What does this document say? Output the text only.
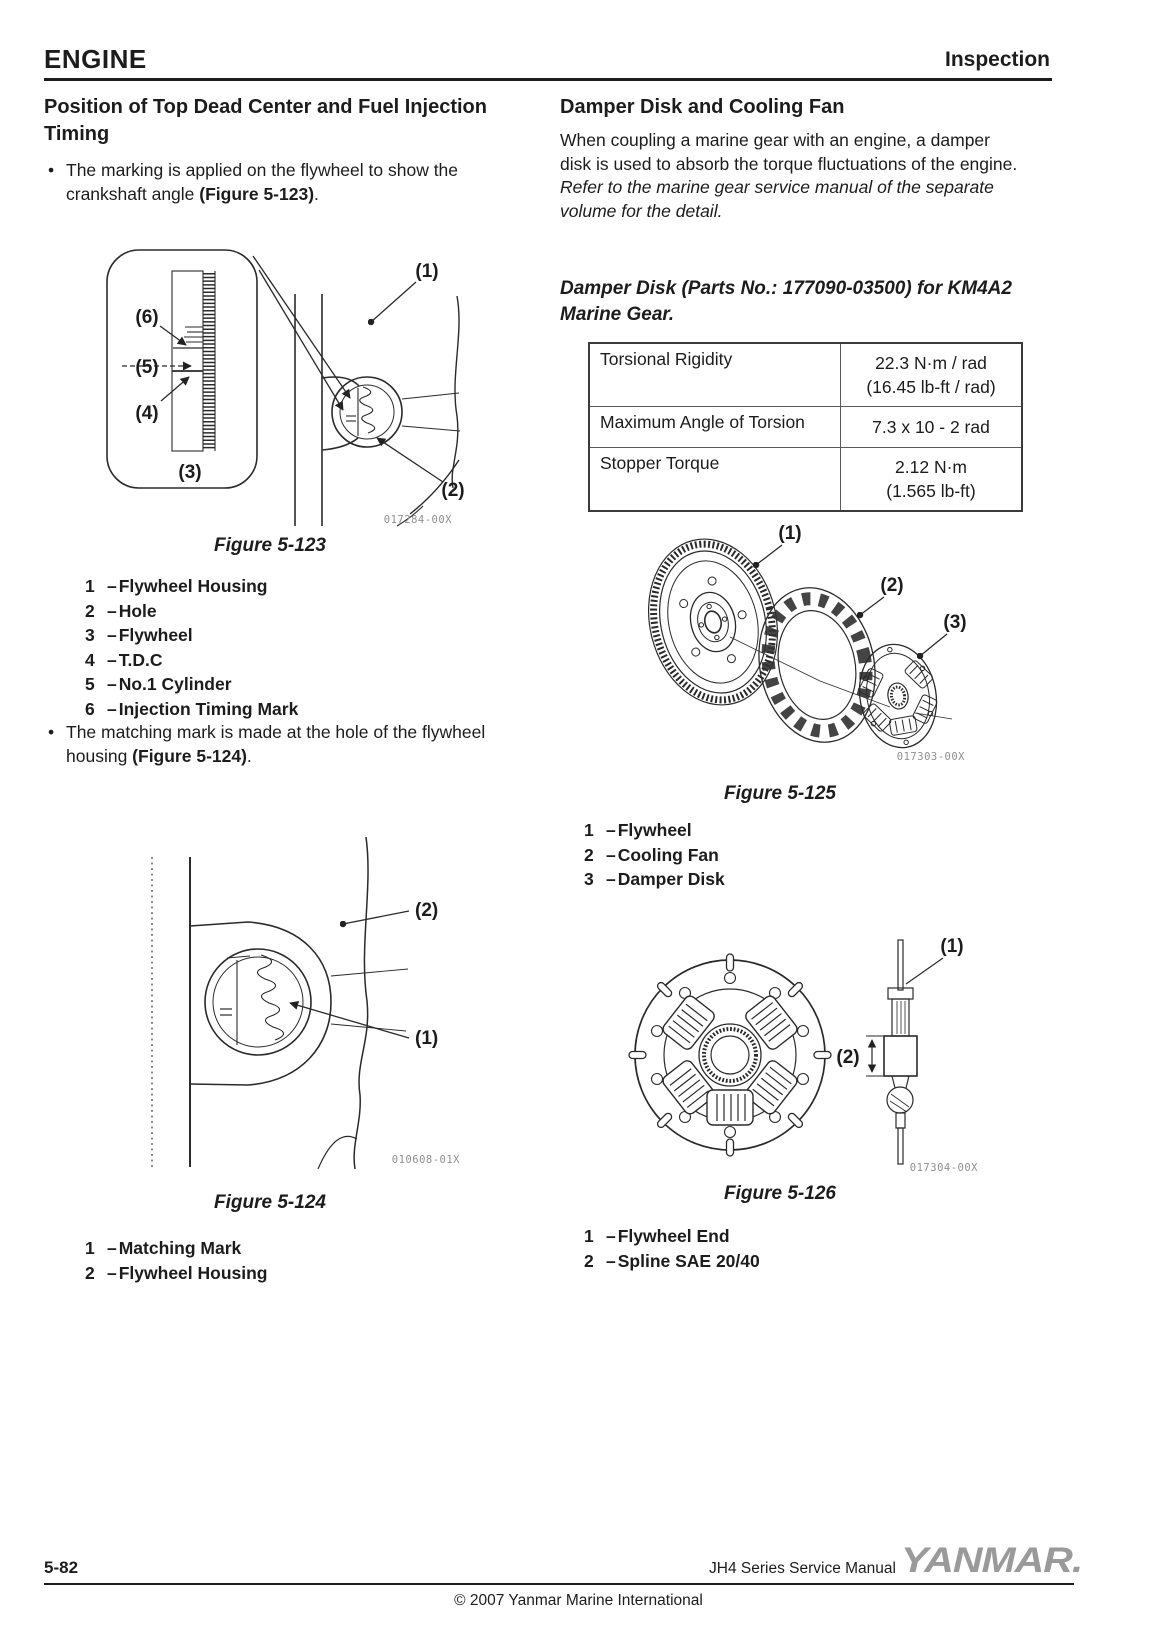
ENGINE	Inspection
Position of Top Dead Center and Fuel Injection Timing
• The marking is applied on the flywheel to show the crankshaft angle (Figure 5-123).
(6)
(5)
(4)
(3)
(1)
(2)
017284-00X
Figure 5-123
1 – Flywheel Housing
2 – Hole
3 – Flywheel
4 – T.D.C
5 – No.1 Cylinder
6 – Injection Timing Mark
• The matching mark is made at the hole of the flywheel housing (Figure 5-124).
(2)
(1)
010608-01X
Figure 5-124
1 – Matching Mark
2 – Flywheel Housing
Damper Disk and Cooling Fan
When coupling a marine gear with an engine, a damper disk is used to absorb the torque fluctuations of the engine. Refer to the marine gear service manual of the separate volume for the detail.
Damper Disk (Parts No.: 177090-03500) for KM4A2 Marine Gear.
Torsional Rigidity	22.3 N·m / rad
(16.45 lb-ft / rad)

Maximum Angle of Torsion	7.3 x 10 - 2 rad

Stopper Torque	2.12 N·m
(1.565 lb-ft)
(1)
(2)
(3)
017303-00X
Figure 5-125
1 – Flywheel
2 – Cooling Fan
3 – Damper Disk
(2)
(1)
017304-00X
Figure 5-126
1 – Flywheel End
2 – Spline SAE 20/40
5-82	JH4 Series Service Manual YANMAR.
© 2007 Yanmar Marine International
